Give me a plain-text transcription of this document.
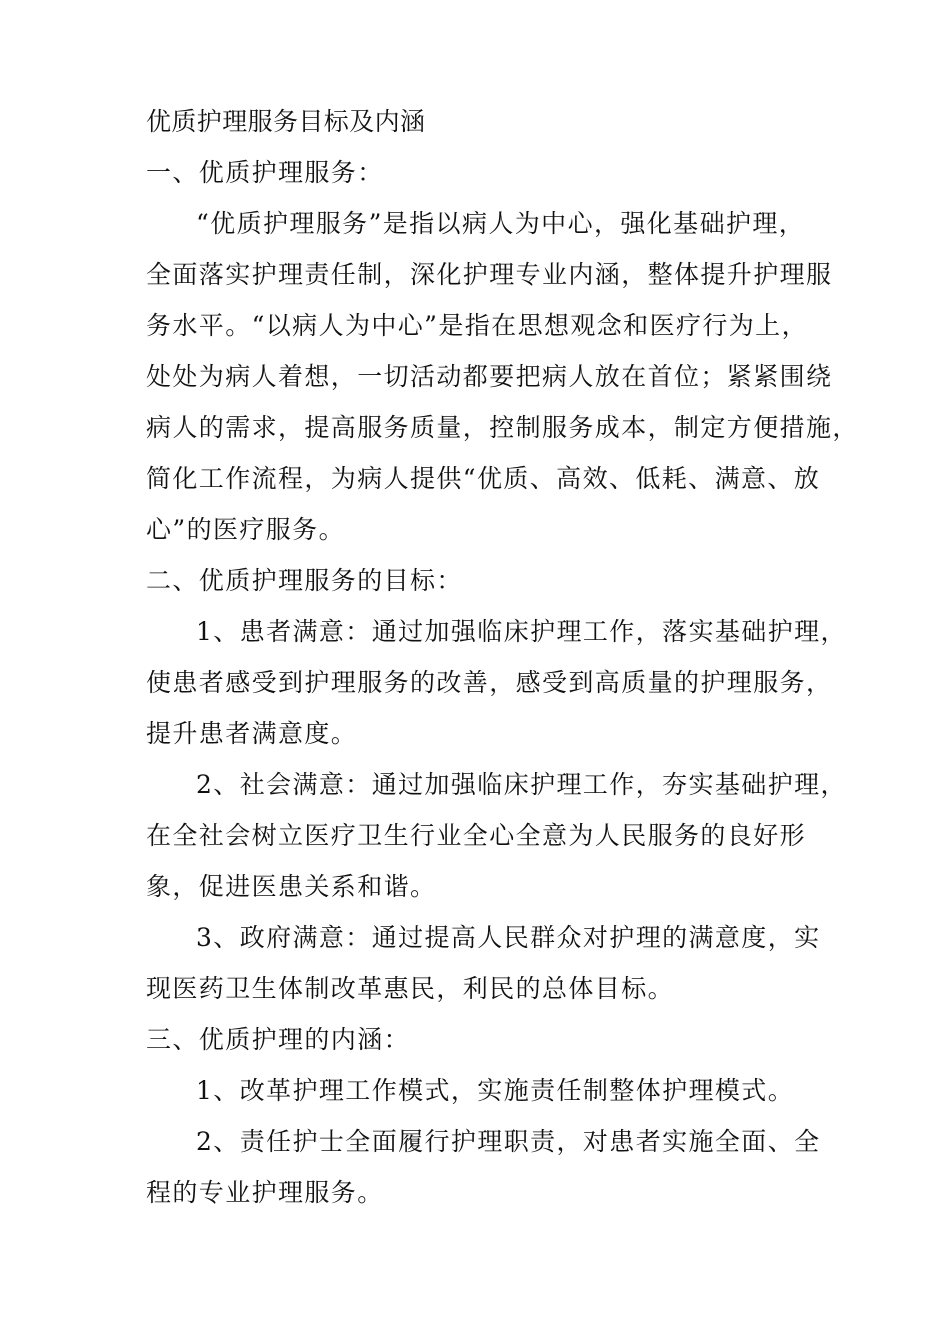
优质护理服务目标及内涵

一、优质护理服务：

“优质护理服务”是指以病人为中心，强化基础护理，
全面落实护理责任制，深化护理专业内涵，整体提升护理服
务水平。“以病人为中心”是指在思想观念和医疗行为上，
处处为病人着想，一切活动都要把病人放在首位；紧紧围绕
病人的需求，提高服务质量，控制服务成本，制定方便措施，
简化工作流程，为病人提供“优质、高效、低耗、满意、放
心”的医疗服务。

二、优质护理服务的目标：

1、患者满意：通过加强临床护理工作，落实基础护理，
使患者感受到护理服务的改善，感受到高质量的护理服务，
提升患者满意度。
2、社会满意：通过加强临床护理工作，夯实基础护理，
在全社会树立医疗卫生行业全心全意为人民服务的良好形
象，促进医患关系和谐。
3、政府满意：通过提高人民群众对护理的满意度，实
现医药卫生体制改革惠民，利民的总体目标。

三、优质护理的内涵：

1、改革护理工作模式，实施责任制整体护理模式。
2、责任护士全面履行护理职责，对患者实施全面、全
程的专业护理服务。
